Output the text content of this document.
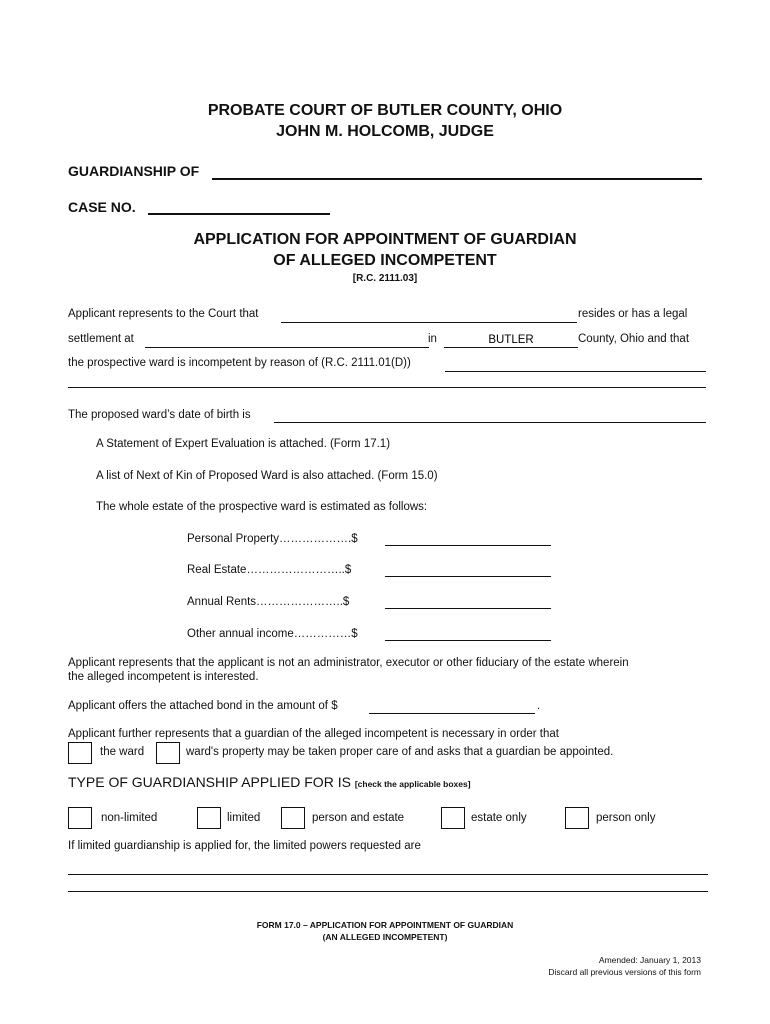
PROBATE COURT OF BUTLER COUNTY, OHIO
JOHN M. HOLCOMB, JUDGE
GUARDIANSHIP OF
CASE NO.
APPLICATION FOR APPOINTMENT OF GUARDIAN
OF ALLEGED INCOMPETENT
[R.C. 2111.03]
Applicant represents to the Court that	resides or has a legal
settlement at	in
BUTLER	County, Ohio and that
the prospective ward is incompetent by reason of (R.C. 2111.01(D))
The proposed ward’s date of birth is
A Statement of Expert Evaluation is attached. (Form 17.1)
A list of Next of Kin of Proposed Ward is also attached. (Form 15.0)
The whole estate of the prospective ward is estimated as follows:
Personal Property……………….$
Real Estate……………………..$
Annual Rents…………………..$
Other annual income……………$
Applicant represents that the applicant is not an administrator, executor or other fiduciary of the estate wherein
the alleged incompetent is interested.
Applicant offers the attached bond in the amount of $	.
Applicant further represents that a guardian of the alleged incompetent is necessary in order that
the ward	ward's property may be taken proper care of and asks that a guardian be appointed.
TYPE OF GUARDIANSHIP APPLIED FOR IS [check the applicable boxes]
non-limited	limited	person and estate	estate only	person only
If limited guardianship is applied for, the limited powers requested are
FORM 17.0 – APPLICATION FOR APPOINTMENT OF GUARDIAN
(AN ALLEGED INCOMPETENT)
Amended: January 1, 2013
Discard all previous versions of this form
